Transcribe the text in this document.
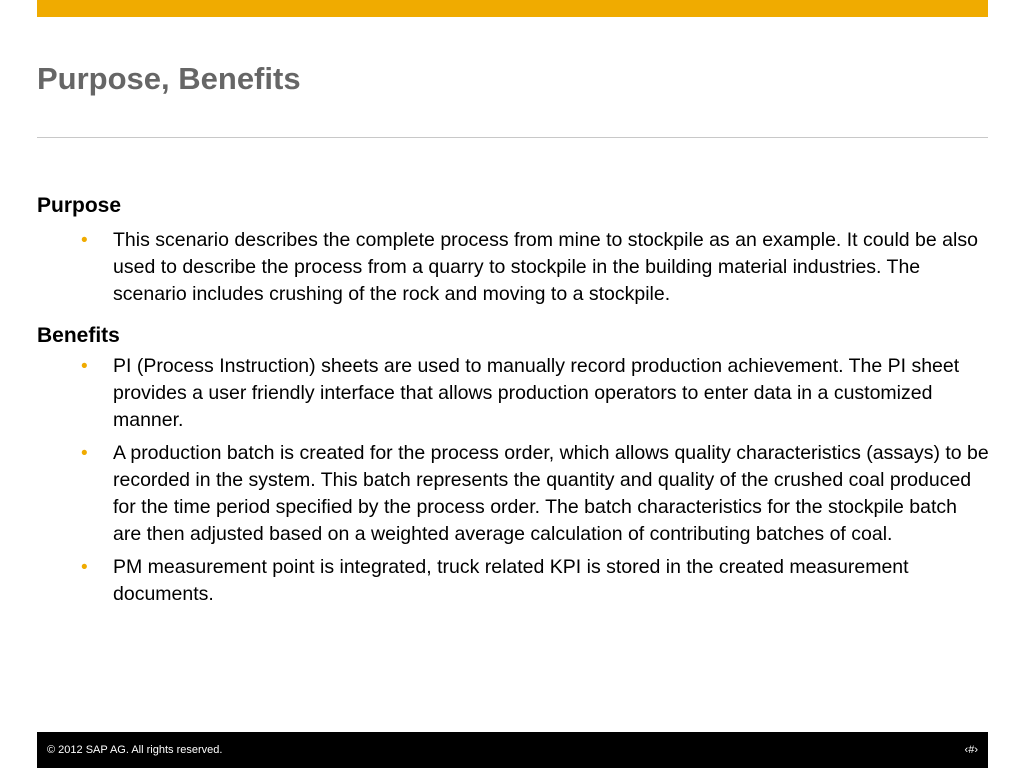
Purpose, Benefits
Purpose
• This scenario describes the complete process from mine to stockpile as an example. It could be also used to describe the process from a quarry to stockpile in the building material industries. The scenario includes crushing of the rock and moving to a stockpile.
Benefits
• PI (Process Instruction) sheets are used to manually record production achievement. The PI sheet provides a user friendly interface that allows production operators to enter data in a customized manner.
• A production batch is created for the process order, which allows quality characteristics (assays) to be recorded in the system. This batch represents the quantity and quality of the crushed coal produced for the time period specified by the process order. The batch characteristics for the stockpile batch are then adjusted based on a weighted average calculation of contributing batches of coal.
• PM measurement point is integrated, truck related KPI is stored in the created measurement documents.
© 2012 SAP AG. All rights reserved.	‹#›
